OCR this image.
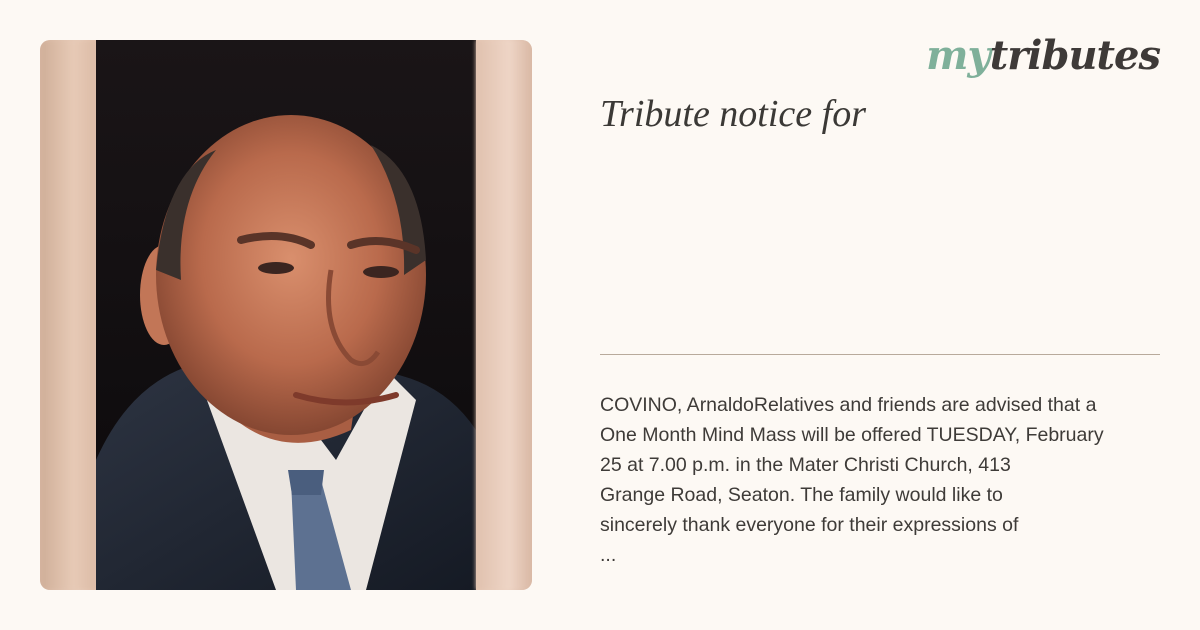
mytributes
Tribute notice for

COVINO, ArnaldoRelatives and friends are advised that a
One Month Mind Mass will be offered TUESDAY, February
25 at 7.00 p.m. in the Mater Christi Church, 413
Grange Road, Seaton. The family would like to
sincerely thank everyone for their expressions of
...
